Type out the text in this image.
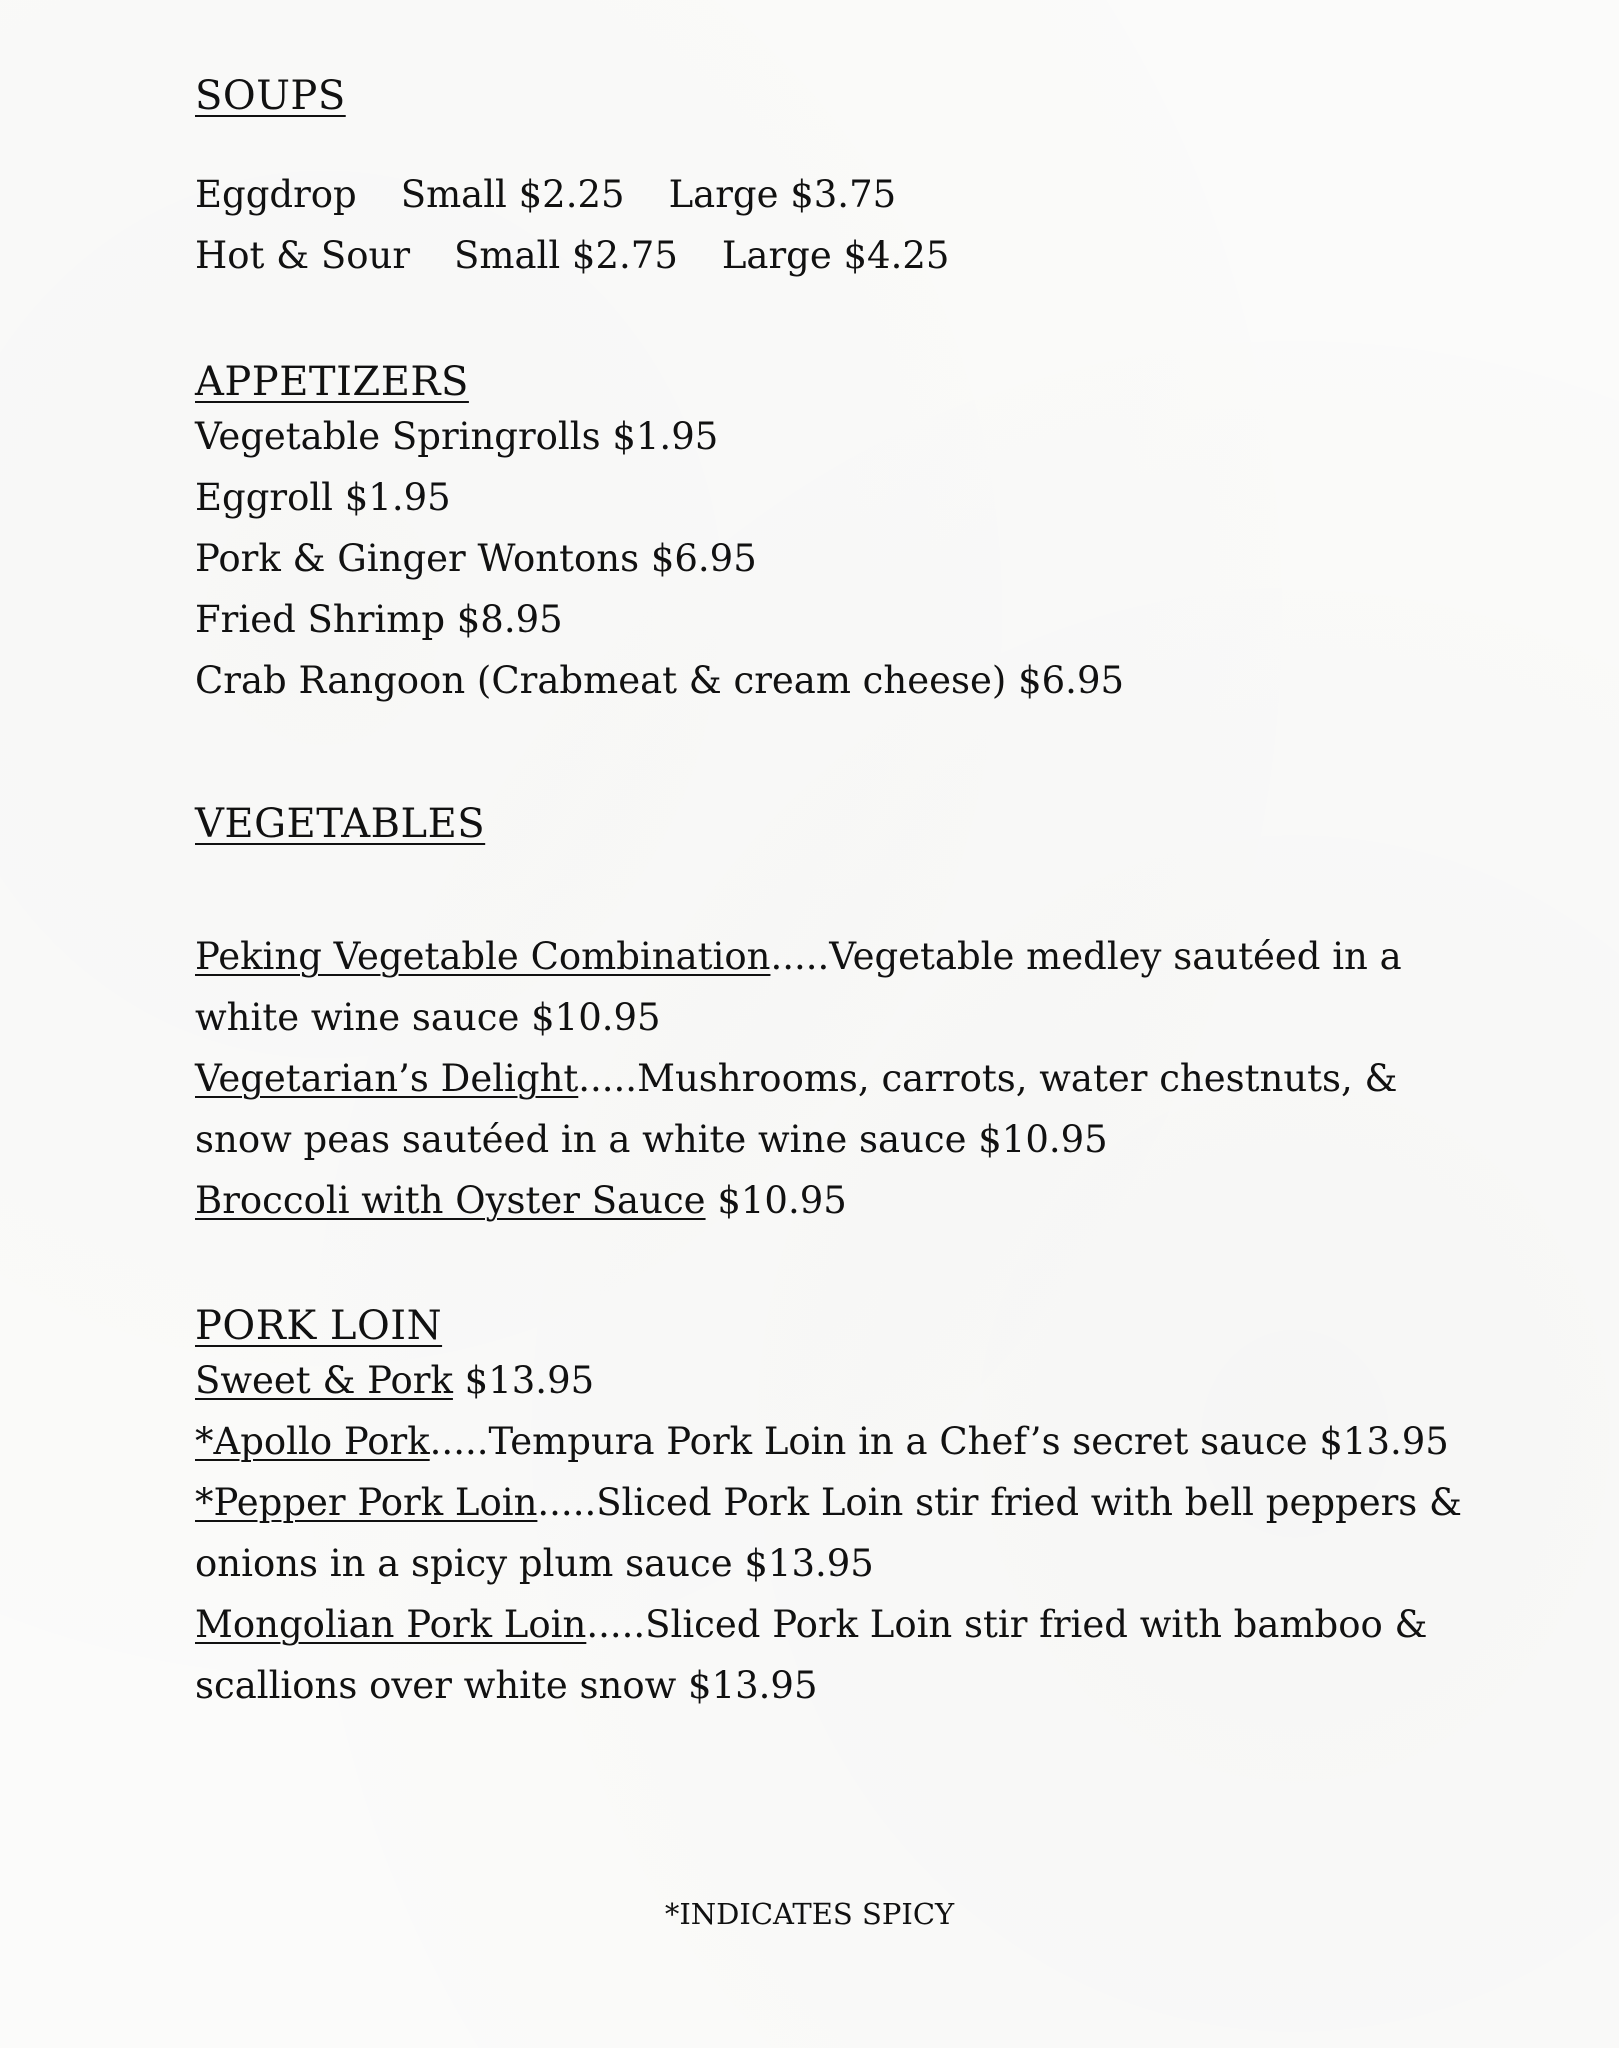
SOUPS
Eggdrop Small $2.25 Large $3.75
Hot & Sour Small $2.75 Large $4.25
APPETIZERS
Vegetable Springrolls $1.95
Eggroll $1.95
Pork & Ginger Wontons $6.95
Fried Shrimp $8.95
Crab Rangoon (Crabmeat & cream cheese) $6.95
VEGETABLES
Peking Vegetable Combination.....Vegetable medley sautéed in a white wine sauce $10.95
Vegetarian’s Delight.....Mushrooms, carrots, water chestnuts, & snow peas sautéed in a white wine sauce $10.95
Broccoli with Oyster Sauce $10.95
PORK LOIN
Sweet & Pork $13.95
*Apollo Pork.....Tempura Pork Loin in a Chef’s secret sauce $13.95
*Pepper Pork Loin.....Sliced Pork Loin stir fried with bell peppers & onions in a spicy plum sauce $13.95
Mongolian Pork Loin.....Sliced Pork Loin stir fried with bamboo & scallions over white snow $13.95
*INDICATES SPICY
